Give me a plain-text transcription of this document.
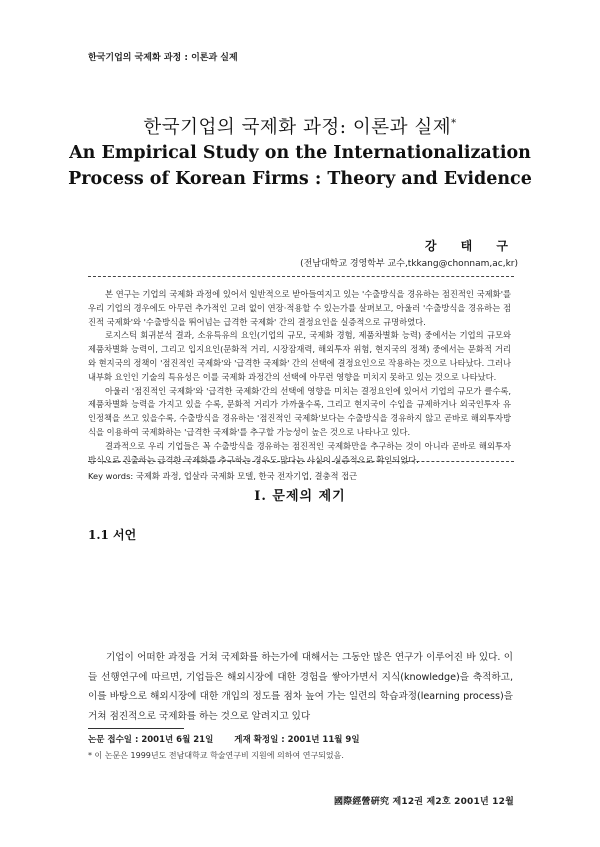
한국기업의 국제화 과정 : 이론과 실제
한국기업의 국제화 과정: 이론과 실제*
An Empirical Study on the Internationalization Process of Korean Firms : Theory and Evidence
강 태 구
(전남대학교 경영학부 교수,tkkang@chonnam,ac,kr)

본 연구는 기업의 국제화 과정에 있어서 일반적으로 받아들여지고 있는 '수출방식을 경유하는 점진적인 국제화'를 우리 기업의 경우에도 아무런 추가적인 고려 없이 연장·적용할 수 있는가를 살펴보고, 아울러 '수출방식을 경유하는 점진적 국제화'와 '수출방식을 뛰어넘는 급격한 국제화' 간의 결정요인을 실증적으로 규명하였다.

로지스틱 회귀분석 결과, 소유특유의 요인(기업의 규모, 국제화 경험, 제품차별화 능력) 중에서는 기업의 규모와 제품차별화 능력이, 그리고 입지요인(문화적 거리, 시장잠재력, 해외투자 위험, 현지국의 정책) 중에서는 문화적 거리와 현지국의 정책이 '점진적인 국제화'와 '급격한 국제화' 간의 선택에 결정요인으로 작용하는 것으로 나타났다. 그러나 내부화 요인인 기술의 특유성은 이를 국제화 과정간의 선택에 아무런 영향을 미치지 못하고 있는 것으로 나타났다.

아울러 '점진적인 국제화'와 '급격한 국제화'간의 선택에 영향을 미치는 결정요인에 있어서 기업의 규모가 클수록, 제품차별화 능력을 가지고 있을 수록, 문화적 거리가 가까울수록, 그리고 현지국이 수입을 규제하거나 외국인투자 유인정책을 쓰고 있을수록, 수출방식을 경유하는 '점진적인 국제화'보다는 수출방식을 경유하지 않고 곧바로 해외투자방식을 이용하여 국제화하는 '급격한 국제화'를 추구할 가능성이 높은 것으로 나타나고 있다.

결과적으로 우리 기업들은 꼭 수출방식을 경유하는 점진적인 국제화만을 추구하는 것이 아니라 곧바로 해외투자방식으로 진출하는 급격한 국제화를 추구하는 경우도 많다는 사실이 실증적으로 확인되었다.

Key words: 국제화 과정, 업살라 국제화 모델, 한국 전자기업, 결충적 접근
Ⅰ. 문제의 제기
1.1 서언

기업이 어떠한 과정을 거쳐 국제화를 하는가에 대해서는 그동안 많은 연구가 이루어진 바 있다. 이들 선행연구에 따르면, 기업들은 해외시장에 대한 경험을 쌓아가면서 지식(knowledge)을 축적하고, 이를 바탕으로 해외시장에 대한 개입의 정도를 점차 높여 가는 일련의 학습과정(learning process)을 거쳐 점진적으로 국제화를 하는 것으로 알려지고 있다

논문 접수일 : 2001년 6월 21일 게재 확정일 : 2001년 11월 9일
* 이 논문은 1999년도 전남대학교 학술연구비 지원에 의하여 연구되었음.
國際經營硏究 제12권 제2호 2001년 12월
